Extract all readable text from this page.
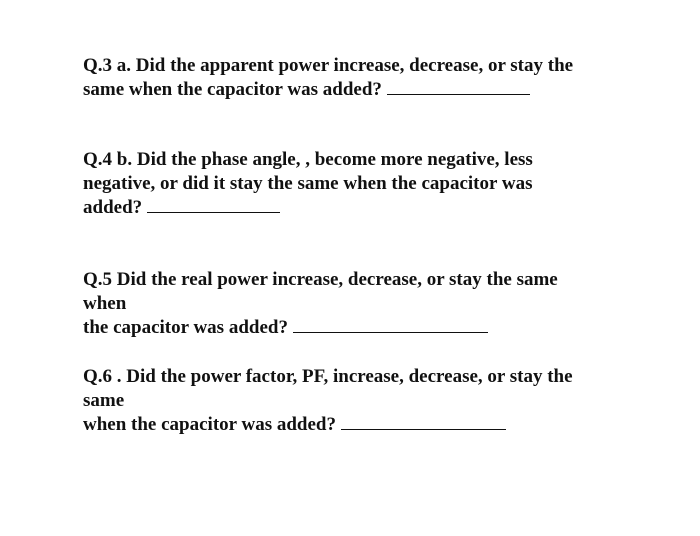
Q.3 a. Did the apparent power increase, decrease, or stay the
same when the capacitor was added?
Q.4 b. Did the phase angle, , become more negative, less
negative, or did it stay the same when the capacitor was
added?
Q.5 Did the real power increase, decrease, or stay the same
when
the capacitor was added?
Q.6 . Did the power factor, PF, increase, decrease, or stay the
same
when the capacitor was added?
